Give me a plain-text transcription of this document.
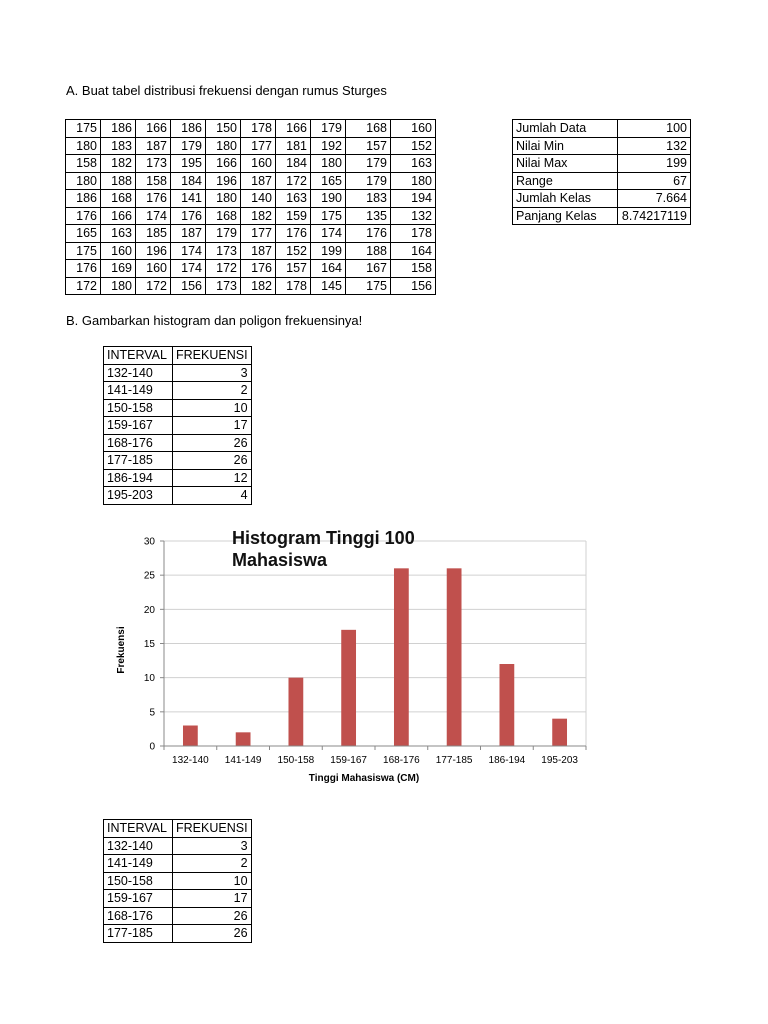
A. Buat tabel distribusi frekuensi dengan rumus Sturges
175	186	166	186	150	178	166	179	168	160
180	183	187	179	180	177	181	192	157	152
158	182	173	195	166	160	184	180	179	163
180	188	158	184	196	187	172	165	179	180
186	168	176	141	180	140	163	190	183	194
176	166	174	176	168	182	159	175	135	132
165	163	185	187	179	177	176	174	176	178
175	160	196	174	173	187	152	199	188	164
176	169	160	174	172	176	157	164	167	158
172	180	172	156	173	182	178	145	175	156
Jumlah Data	100
Nilai Min	132
Nilai Max	199
Range	67
Jumlah Kelas	7.664
Panjang Kelas	8.74217119
B. Gambarkan histogram dan poligon frekuensinya!
INTERVAL	FREKUENSI
132-140	3
141-149	2
150-158	10
159-167	17
168-176	26
177-185	26
186-194	12
195-203	4
0
5
10
15
20
25
30
132-140 141-149 150-158 159-167 168-176 177-185 186-194 195-203
Histogram Tinggi 100
Mahasiswa
Tinggi Mahasiswa (CM)
Frekuensi
INTERVAL	FREKUENSI
132-140	3
141-149	2
150-158	10
159-167	17
168-176	26
177-185	26
